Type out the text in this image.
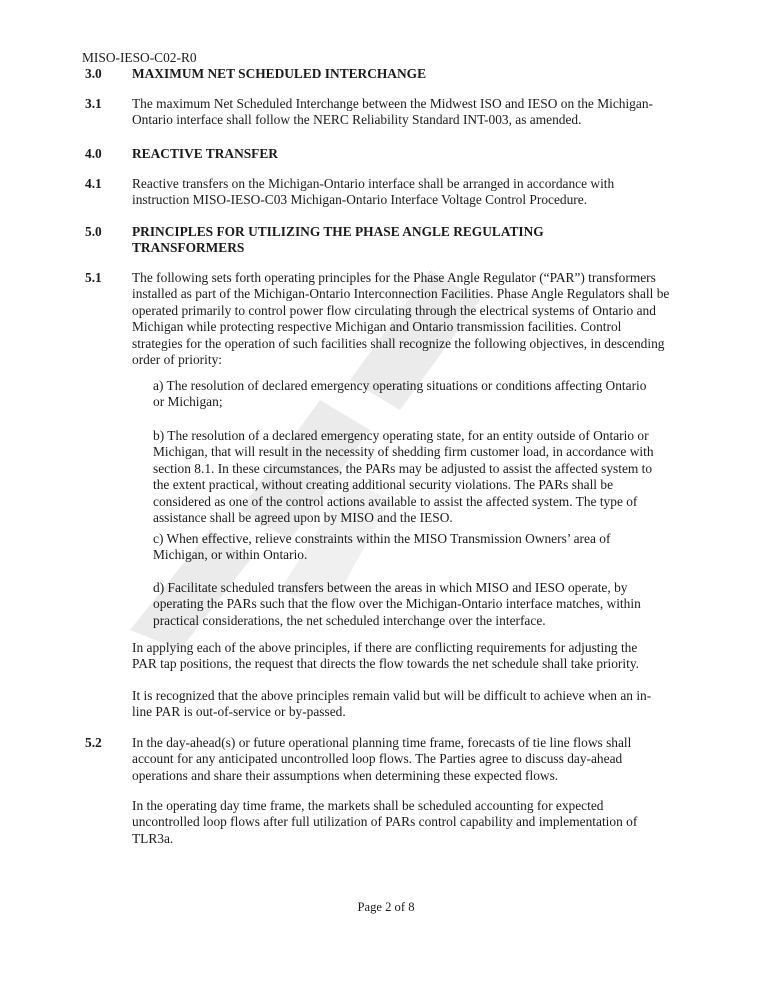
MISO-IESO-C02-R0
3.0 MAXIMUM NET SCHEDULED INTERCHANGE
3.1 The maximum Net Scheduled Interchange between the Midwest ISO and IESO on the Michigan-Ontario interface shall follow the NERC Reliability Standard INT-003, as amended.

4.0 REACTIVE TRANSFER
4.1 Reactive transfers on the Michigan-Ontario interface shall be arranged in accordance with instruction MISO-IESO-C03 Michigan-Ontario Interface Voltage Control Procedure.

5.0 PRINCIPLES FOR UTILIZING THE PHASE ANGLE REGULATING TRANSFORMERS
5.1 The following sets forth operating principles for the Phase Angle Regulator (“PAR”) transformers installed as part of the Michigan-Ontario Interconnection Facilities. Phase Angle Regulators shall be operated primarily to control power flow circulating through the electrical systems of Ontario and Michigan while protecting respective Michigan and Ontario transmission facilities. Control strategies for the operation of such facilities shall recognize the following objectives, in descending order of priority:

a) The resolution of declared emergency operating situations or conditions affecting Ontario or Michigan;

b) The resolution of a declared emergency operating state, for an entity outside of Ontario or Michigan, that will result in the necessity of shedding firm customer load, in accordance with section 8.1. In these circumstances, the PARs may be adjusted to assist the affected system to the extent practical, without creating additional security violations. The PARs shall be considered as one of the control actions available to assist the affected system. The type of assistance shall be agreed upon by MISO and the IESO.

c) When effective, relieve constraints within the MISO Transmission Owners’ area of Michigan, or within Ontario.

d) Facilitate scheduled transfers between the areas in which MISO and IESO operate, by operating the PARs such that the flow over the Michigan-Ontario interface matches, within practical considerations, the net scheduled interchange over the interface.

In applying each of the above principles, if there are conflicting requirements for adjusting the PAR tap positions, the request that directs the flow towards the net schedule shall take priority.

It is recognized that the above principles remain valid but will be difficult to achieve when an in-line PAR is out-of-service or by-passed.

5.2 In the day-ahead(s) or future operational planning time frame, forecasts of tie line flows shall account for any anticipated uncontrolled loop flows. The Parties agree to discuss day-ahead operations and share their assumptions when determining these expected flows.

In the operating day time frame, the markets shall be scheduled accounting for expected uncontrolled loop flows after full utilization of PARs control capability and implementation of TLR3a.

Page 2 of 8
